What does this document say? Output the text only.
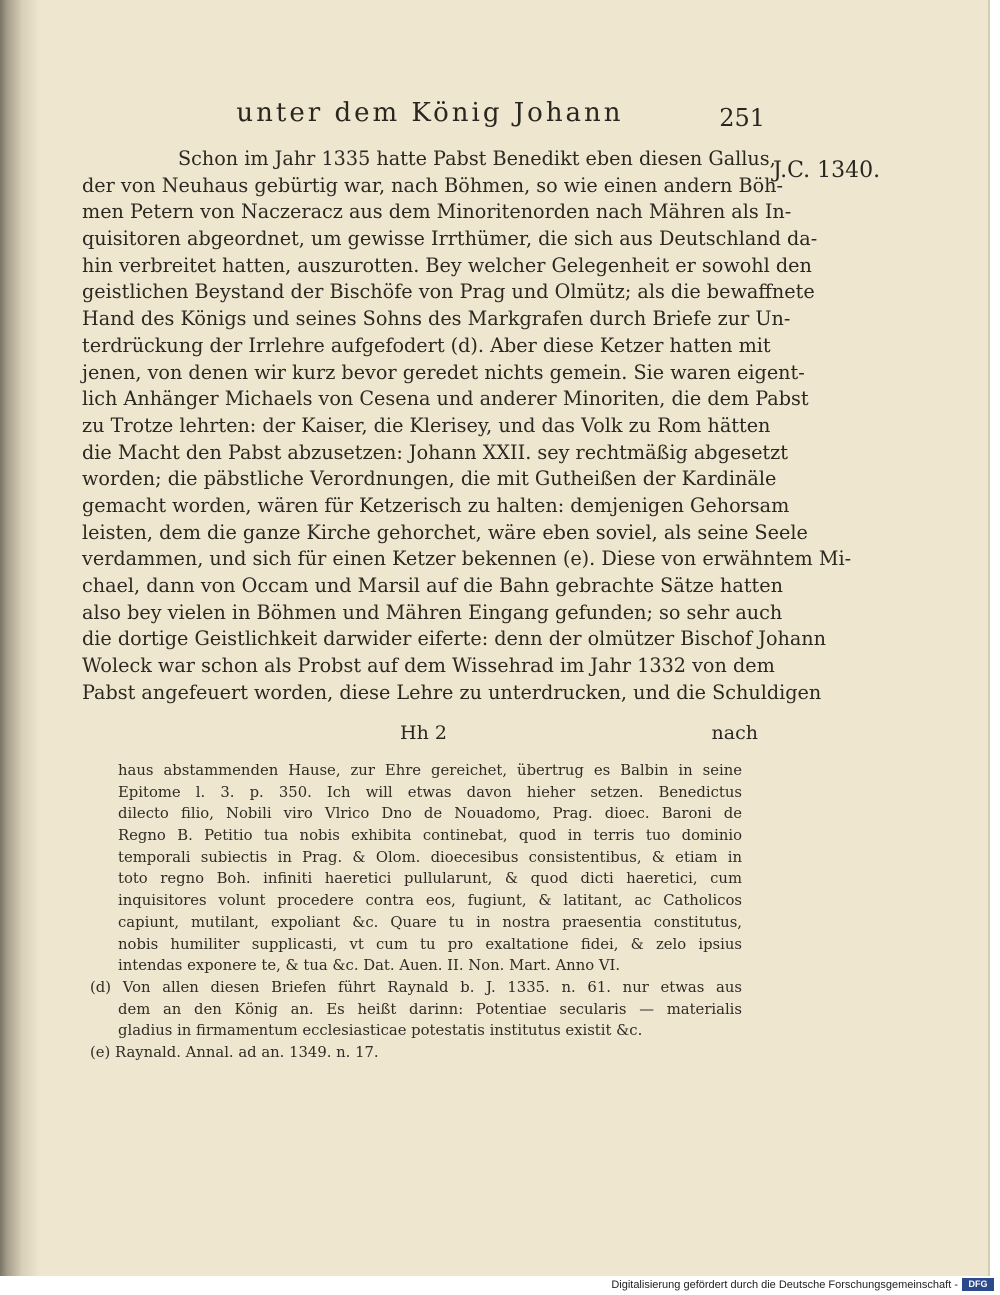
unter dem König Johann	251
J.C. 1340.
Schon im Jahr 1335 hatte Pabst Benedikt eben diesen Gallus,
der von Neuhaus gebürtig war, nach Böhmen, so wie einen andern Böh-
men Petern von Naczeracz aus dem Minoritenorden nach Mähren als In-
quisitoren abgeordnet, um gewisse Irrthümer, die sich aus Deutschland da-
hin verbreitet hatten, auszurotten. Bey welcher Gelegenheit er sowohl den
geistlichen Beystand der Bischöfe von Prag und Olmütz; als die bewaffnete
Hand des Königs und seines Sohns des Markgrafen durch Briefe zur Un-
terdrückung der Irrlehre aufgefodert (d). Aber diese Ketzer hatten mit
jenen, von denen wir kurz bevor geredet nichts gemein. Sie waren eigent-
lich Anhänger Michaels von Cesena und anderer Minoriten, die dem Pabst
zu Trotze lehrten: der Kaiser, die Klerisey, und das Volk zu Rom hätten
die Macht den Pabst abzusetzen: Johann XXII. sey rechtmäßig abgesetzt
worden; die päbstliche Verordnungen, die mit Gutheißen der Kardinäle
gemacht worden, wären für Ketzerisch zu halten: demjenigen Gehorsam
leisten, dem die ganze Kirche gehorchet, wäre eben soviel, als seine Seele
verdammen, und sich für einen Ketzer bekennen (e). Diese von erwähntem Mi-
chael, dann von Occam und Marsil auf die Bahn gebrachte Sätze hatten
also bey vielen in Böhmen und Mähren Eingang gefunden; so sehr auch
die dortige Geistlichkeit darwider eiferte: denn der olmützer Bischof Johann
Woleck war schon als Probst auf dem Wissehrad im Jahr 1332 von dem
Pabst angefeuert worden, diese Lehre zu unterdrucken, und die Schuldigen
Hh 2	nach
haus abstammenden Hause, zur Ehre gereichet, übertrug es Balbin in seine
Epitome l. 3. p. 350. Ich will etwas davon hieher setzen. Benedictus
dilecto filio, Nobili viro Vlrico Dno de Nouadomo, Prag. dioec. Baroni de
Regno B. Petitio tua nobis exhibita continebat, quod in terris tuo dominio
temporali subiectis in Prag. & Olom. dioecesibus consistentibus, & etiam in
toto regno Boh. infiniti haeretici pullularunt, & quod dicti haeretici, cum
inquisitores volunt procedere contra eos, fugiunt, & latitant, ac Catholicos
capiunt, mutilant, expoliant &c. Quare tu in nostra praesentia constitutus,
nobis humiliter supplicasti, vt cum tu pro exaltatione fidei, & zelo ipsius
intendas exponere te, & tua &c. Dat. Auen. II. Non. Mart. Anno VI.
(d) Von allen diesen Briefen führt Raynald b. J. 1335. n. 61. nur etwas aus
dem an den König an. Es heißt darinn: Potentiae secularis — materialis
gladius in firmamentum ecclesiasticae potestatis institutus existit &c.
(e) Raynald. Annal. ad an. 1349. n. 17.
Digitalisierung gefördert durch die Deutsche Forschungsgemeinschaft -	DFG
